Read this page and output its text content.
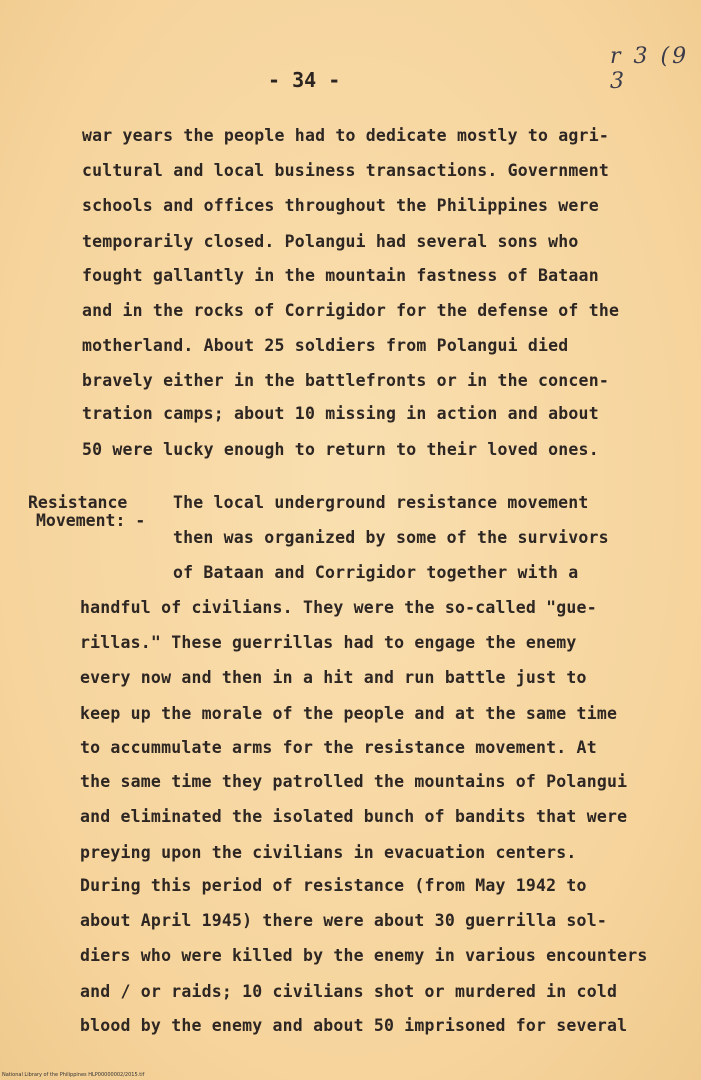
r 3 (9 3
- 34 -
war years the people had to dedicate mostly to agri-
cultural and local business transactions. Government
schools and offices throughout the Philippines were
temporarily closed. Polangui had several sons who
fought gallantly in the mountain fastness of Bataan
and in the rocks of Corrigidor for the defense of the
motherland. About 25 soldiers from Polangui died
bravely either in the battlefronts or in the concen-
tration camps; about 10 missing in action and about
50 were lucky enough to return to their loved ones.
Resistance
Movement: -
The local underground resistance movement
then was organized by some of the survivors
of Bataan and Corrigidor together with a
handful of civilians. They were the so-called "gue-
rillas." These guerrillas had to engage the enemy
every now and then in a hit and run battle just to
keep up the morale of the people and at the same time
to accummulate arms for the resistance movement. At
the same time they patrolled the mountains of Polangui
and eliminated the isolated bunch of bandits that were
preying upon the civilians in evacuation centers.
During this period of resistance (from May 1942 to
about April 1945) there were about 30 guerrilla sol-
diers who were killed by the enemy in various encounters
and / or raids; 10 civilians shot or murdered in cold
blood by the enemy and about 50 imprisoned for several
National Library of the Philippines HLP00000002/2015.tif
